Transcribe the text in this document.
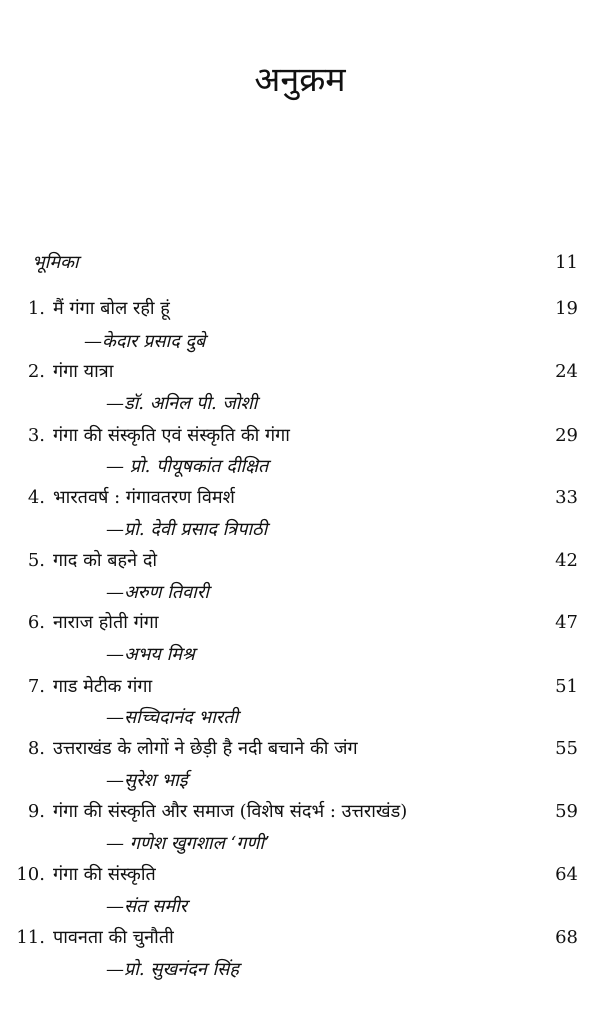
अनुक्रम
भूमिका	11
1. मैं गंगा बोल रही हूं	19
—केदार प्रसाद दुबे
2. गंगा यात्रा	24
—डॉ. अनिल पी. जोशी
3. गंगा की संस्कृति एवं संस्कृति की गंगा	29
— प्रो. पीयूषकांत दीक्षित
4. भारतवर्ष : गंगावतरण विमर्श	33
—प्रो. देवी प्रसाद त्रिपाठी
5. गाद को बहने दो	42
—अरुण तिवारी
6. नाराज होती गंगा	47
—अभय मिश्र
7. गाड मेटीक गंगा	51
—सच्चिदानंद भारती
8. उत्तराखंड के लोगों ने छेड़ी है नदी बचाने की जंग	55
—सुरेश भाई
9. गंगा की संस्कृति और समाज (विशेष संदर्भ : उत्तराखंड)	59
— गणेश खुगशाल ‘गणी’
10. गंगा की संस्कृति	64
—संत समीर
11. पावनता की चुनौती	68
—प्रो. सुखनंदन सिंह
